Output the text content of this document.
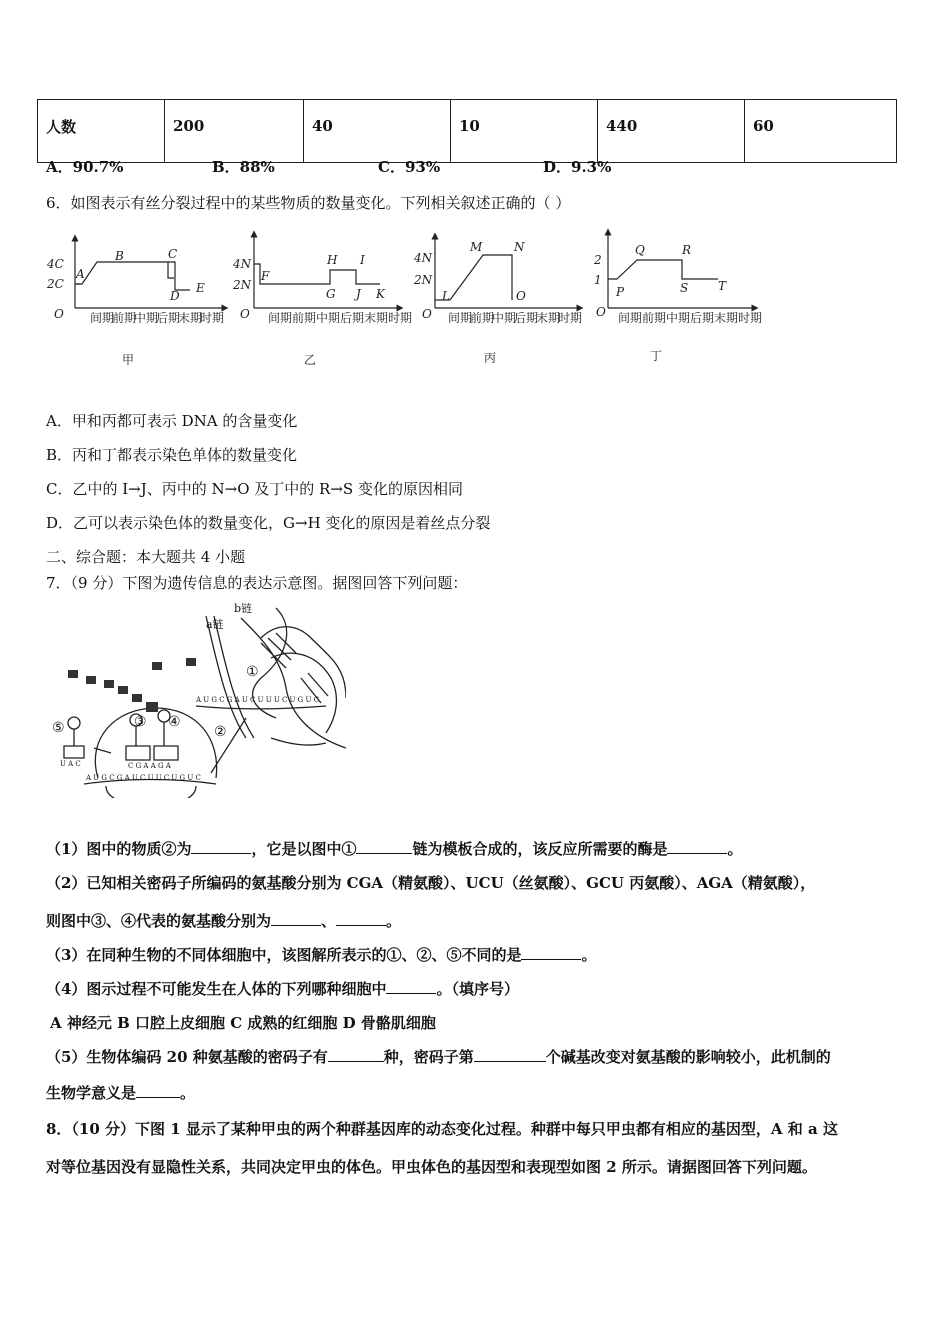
人数	200	40	10	440	60
A．90.7%	B．88%	C．93%	D．9.3%
6．如图表示有丝分裂过程中的某些物质的数量变化。下列相关叙述正确的（ ）
4C
2C
O
A
B	C
D
E
4N
2N
O
F
G
H I
J K
4N
2N
O
L
M	N
O
2
1
O
P
Q	R
S T
间期
前期
中期
后期
末期
时期	间期 前期 中期 后期 末期 时期	间期
前期
中期
后期
末期
时期	间期 前期 中期 后期 末期 时期
甲	乙	丙	丁
A．甲和丙都可表示 DNA 的含量变化
B．丙和丁都表示染色单体的数量变化
C．乙中的 I→J、丙中的 N→O 及丁中的 R→S 变化的原因相同
D．乙可以表示染色体的数量变化，G→H 变化的原因是着丝点分裂
二、综合题：本大题共 4 小题
7．（9 分）下图为遗传信息的表达示意图。据图回答下列问题：
b链
a链
①
②
③ ④
⑤
U A C	C G A A G A
A U G C G A U C U U C U G U C
A U G C G A U C U U U C U G U C
（1）图中的物质②为	，它是以图中①	链为模板合成的，该反应所需要的酶是	。
（2）已知相关密码子所编码的氨基酸分别为 CGA（精氨酸）、UCU（丝氨酸）、GCU 丙氨酸）、AGA（精氨酸），
则图中③、④代表的氨基酸分别为	、	。
（3）在同种生物的不同体细胞中，该图解所表示的①、②、⑤不同的是	。
（4）图示过程不可能发生在人体的下列哪种细胞中	。（填序号）
A 神经元 B 口腔上皮细胞 C 成熟的红细胞 D 骨骼肌细胞
（5）生物体编码 20 种氨基酸的密码子有	种，密码子第	个碱基改变对氨基酸的影响较小，此机制的
生物学意义是	。
8．（10 分）下图 1 显示了某种甲虫的两个种群基因库的动态变化过程。种群中每只甲虫都有相应的基因型，A 和 a 这
对等位基因没有显隐性关系，共同决定甲虫的体色。甲虫体色的基因型和表现型如图 2 所示。请据图回答下列问题。
